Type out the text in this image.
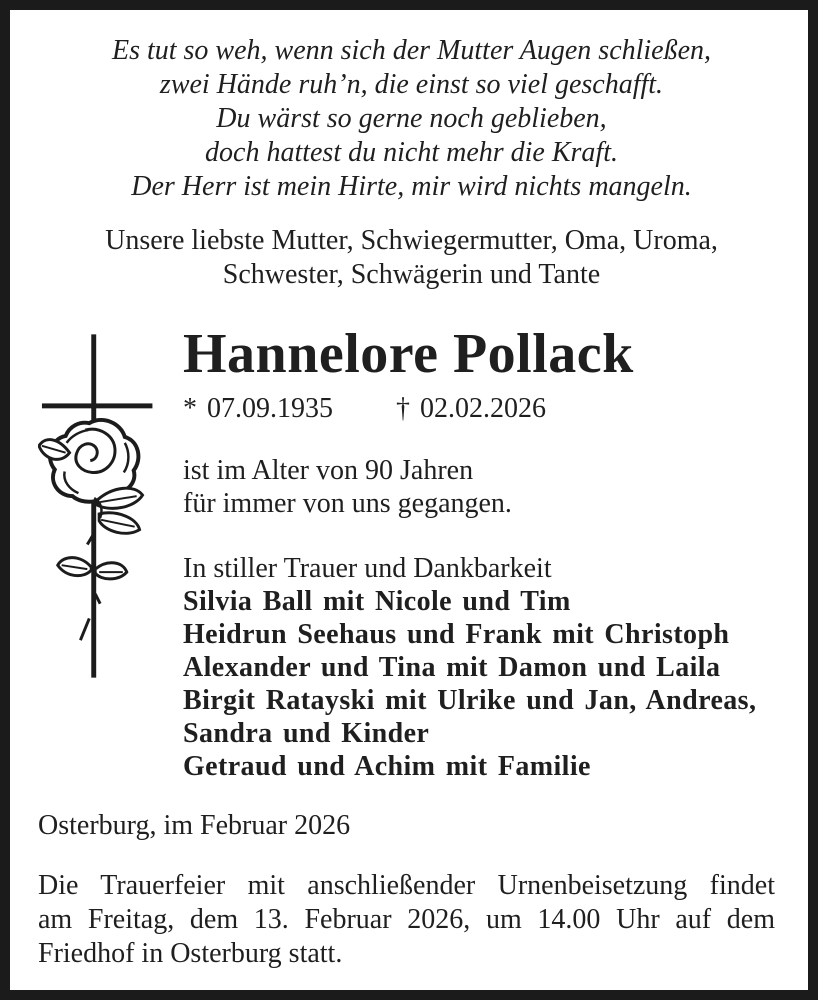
Es tut so weh, wenn sich der Mutter Augen schließen,
zwei Hände ruh’n, die einst so viel geschafft.
Du wärst so gerne noch geblieben,
doch hattest du nicht mehr die Kraft.
Der Herr ist mein Hirte, mir wird nichts mangeln.
Unsere liebste Mutter, Schwiegermutter, Oma, Uroma,
Schwester, Schwägerin und Tante
Hannelore Pollack
* 07.09.1935 † 02.02.2026
ist im Alter von 90 Jahren
für immer von uns gegangen.
In stiller Trauer und Dankbarkeit
Silvia Ball mit Nicole und Tim
Heidrun Seehaus und Frank mit Christoph
Alexander und Tina mit Damon und Laila
Birgit Ratayski mit Ulrike und Jan, Andreas,
Sandra und Kinder
Getraud und Achim mit Familie
Osterburg, im Februar 2026
Die Trauerfeier mit anschließender Urnenbeisetzung findet
am Freitag, dem 13. Februar 2026, um 14.00 Uhr auf dem
Friedhof in Osterburg statt.
